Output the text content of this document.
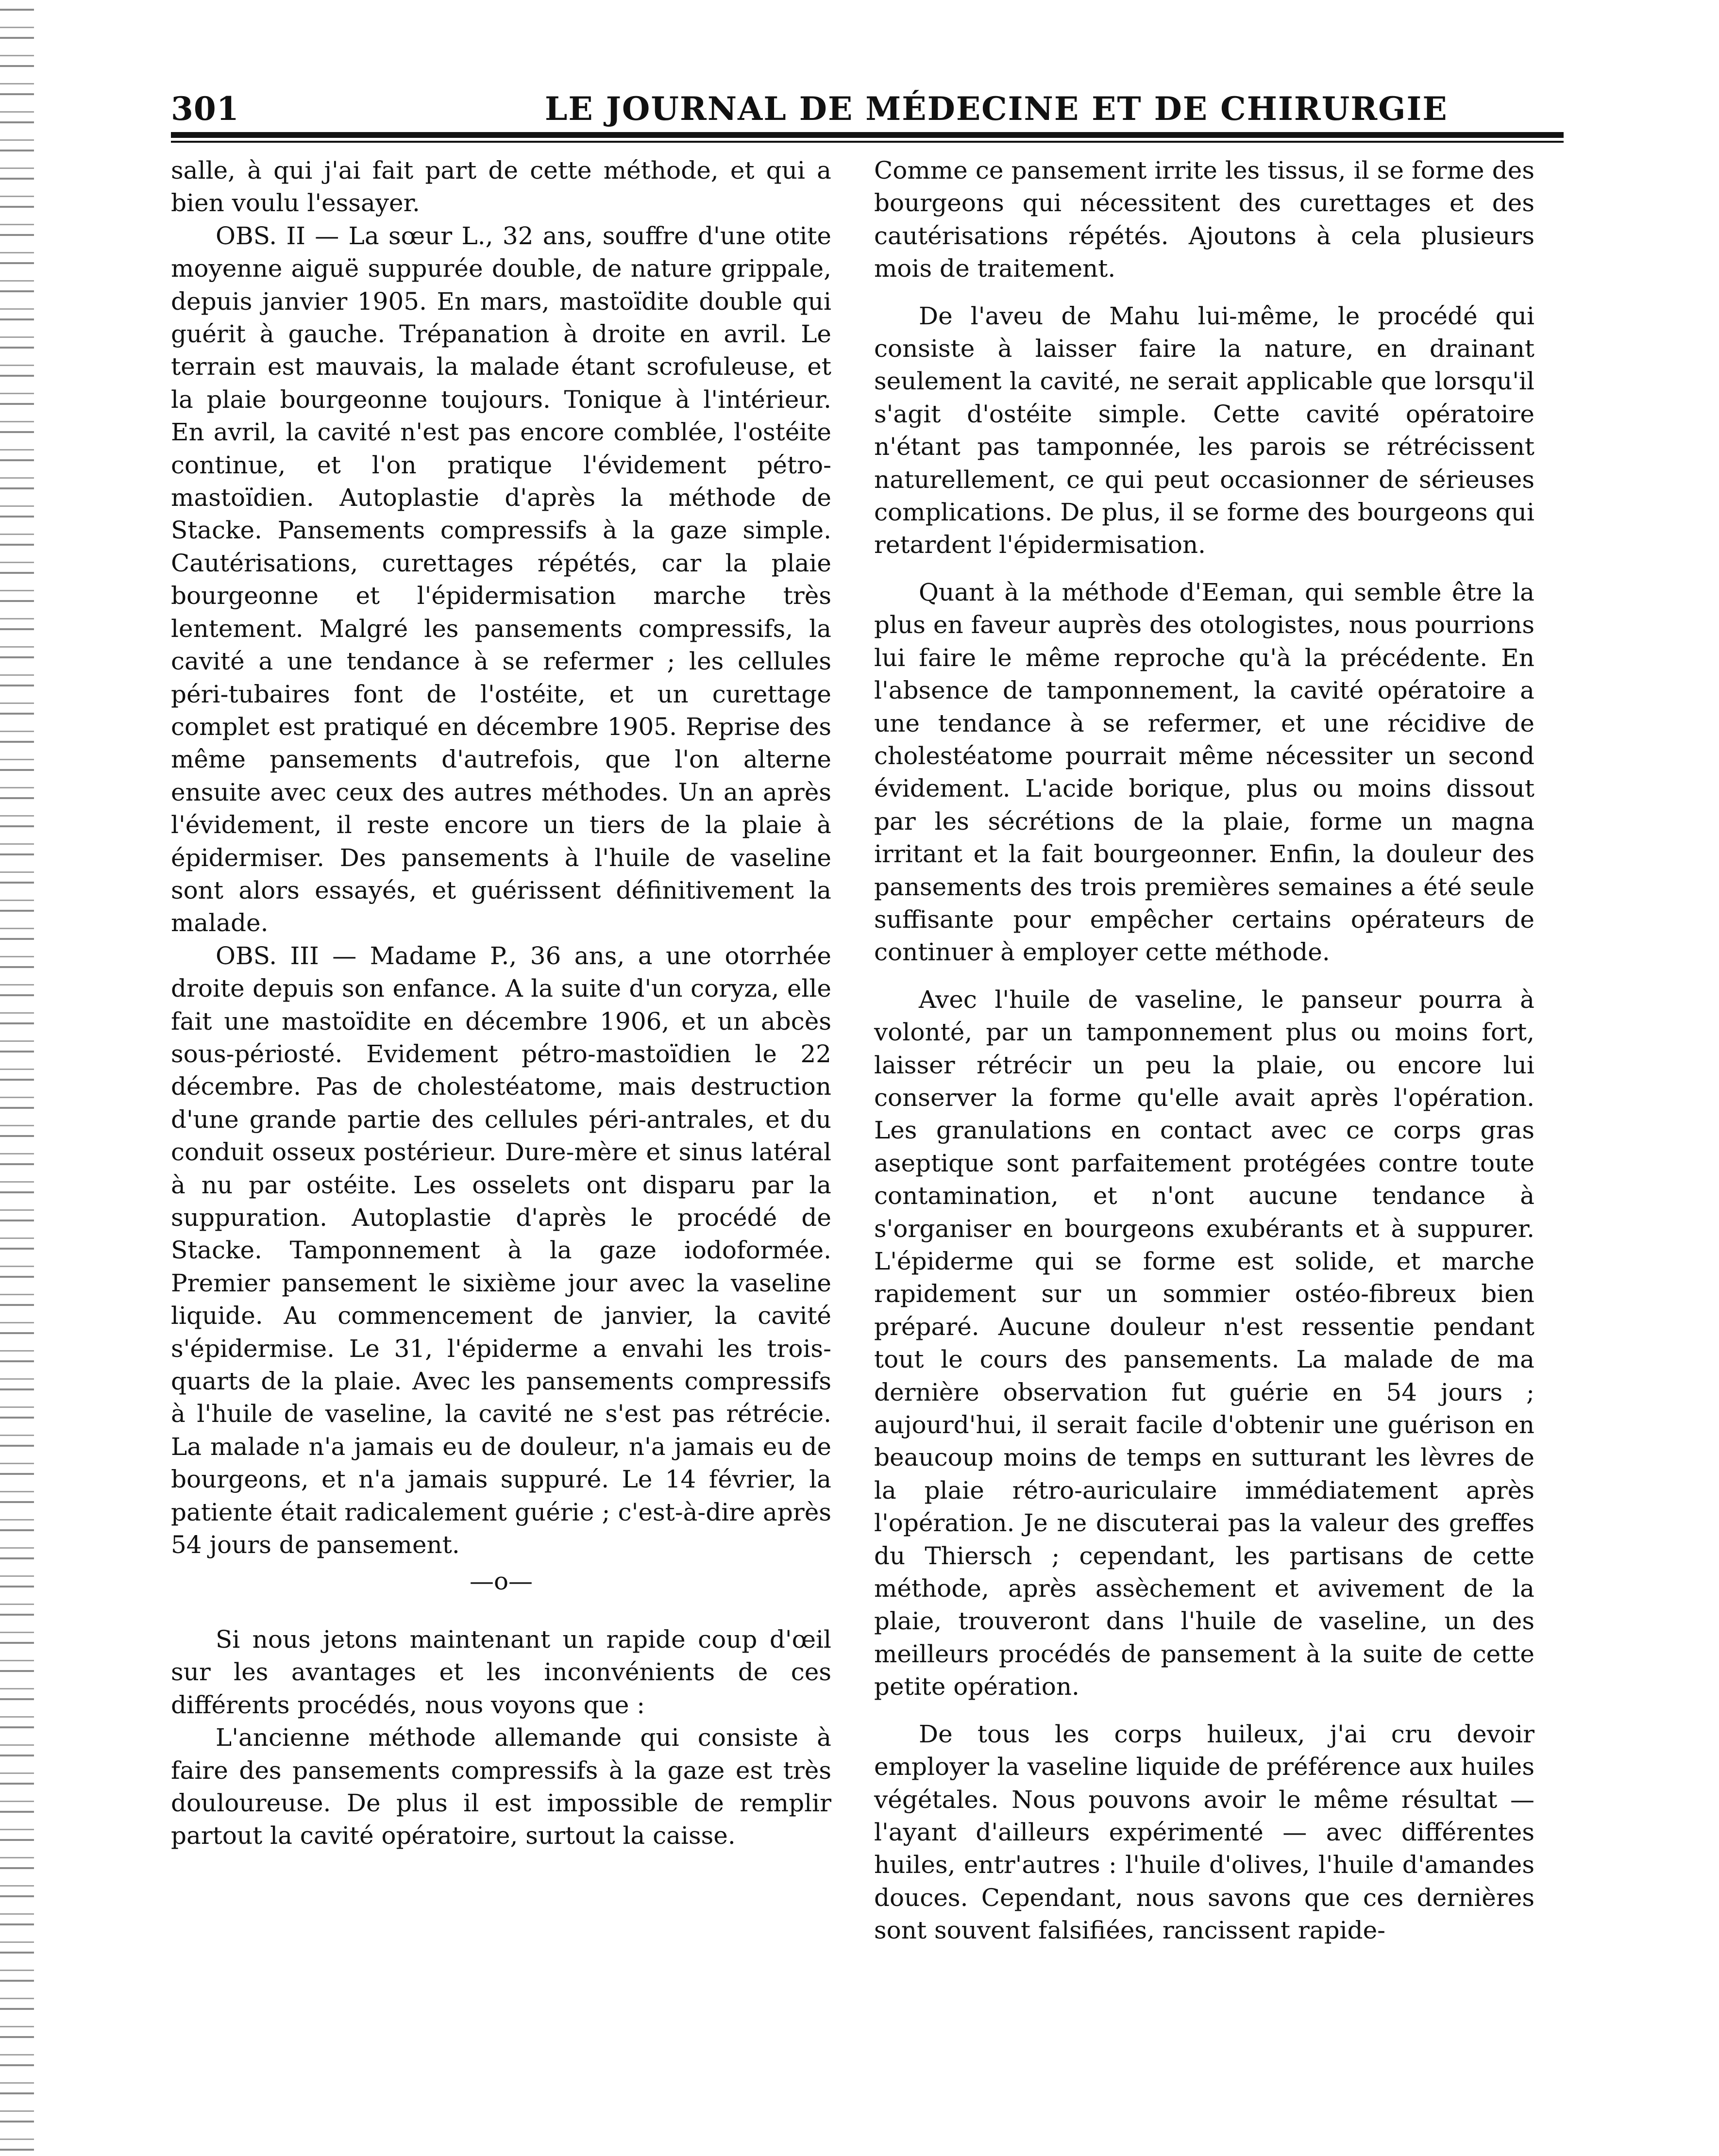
301	LE JOURNAL DE MÉDECINE ET DE CHIRURGIE

salle, à qui j'ai fait part de cette méthode, et qui a bien voulu l'essayer.

OBS. II — La sœur L., 32 ans, souffre d'une otite moyenne aiguë suppurée double, de nature grippale, depuis janvier 1905. En mars, mastoïdite double qui guérit à gauche. Trépanation à droite en avril. Le terrain est mauvais, la malade étant scrofuleuse, et la plaie bourgeonne toujours. Tonique à l'intérieur. En avril, la cavité n'est pas encore comblée, l'ostéite continue, et l'on pratique l'évidement pétro-mastoïdien. Autoplastie d'après la méthode de Stacke. Pansements compressifs à la gaze simple. Cautérisations, curettages répétés, car la plaie bourgeonne et l'épidermisation marche très lentement. Malgré les pansements compressifs, la cavité a une tendance à se refermer ; les cellules péri-tubaires font de l'ostéite, et un curettage complet est pratiqué en décembre 1905. Reprise des même pansements d'autrefois, que l'on alterne ensuite avec ceux des autres méthodes. Un an après l'évidement, il reste encore un tiers de la plaie à épidermiser. Des pansements à l'huile de vaseline sont alors essayés, et guérissent définitivement la malade.

OBS. III — Madame P., 36 ans, a une otorrhée droite depuis son enfance. A la suite d'un coryza, elle fait une mastoïdite en décembre 1906, et un abcès sous-périosté. Evidement pétro-mastoïdien le 22 décembre. Pas de cholestéatome, mais destruction d'une grande partie des cellules péri-antrales, et du conduit osseux postérieur. Dure-mère et sinus latéral à nu par ostéite. Les osselets ont disparu par la suppuration. Autoplastie d'après le procédé de Stacke. Tamponnement à la gaze iodoformée. Premier pansement le sixième jour avec la vaseline liquide. Au commencement de janvier, la cavité s'épidermise. Le 31, l'épiderme a envahi les trois-quarts de la plaie. Avec les pansements compressifs à l'huile de vaseline, la cavité ne s'est pas rétrécie. La malade n'a jamais eu de douleur, n'a jamais eu de bourgeons, et n'a jamais suppuré. Le 14 février, la patiente était radicalement guérie ; c'est-à-dire après 54 jours de pansement.

—o—

Si nous jetons maintenant un rapide coup d'œil sur les avantages et les inconvénients de ces différents procédés, nous voyons que :

L'ancienne méthode allemande qui consiste à faire des pansements compressifs à la gaze est très douloureuse. De plus il est impossible de remplir partout la cavité opératoire, surtout la caisse.

Comme ce pansement irrite les tissus, il se forme des bourgeons qui nécessitent des curettages et des cautérisations répétés. Ajoutons à cela plusieurs mois de traitement.

De l'aveu de Mahu lui-même, le procédé qui consiste à laisser faire la nature, en drainant seulement la cavité, ne serait applicable que lorsqu'il s'agit d'ostéite simple. Cette cavité opératoire n'étant pas tamponnée, les parois se rétrécissent naturellement, ce qui peut occasionner de sérieuses complications. De plus, il se forme des bourgeons qui retardent l'épidermisation.

Quant à la méthode d'Eeman, qui semble être la plus en faveur auprès des otologistes, nous pourrions lui faire le même reproche qu'à la précédente. En l'absence de tamponnement, la cavité opératoire a une tendance à se refermer, et une récidive de cholestéatome pourrait même nécessiter un second évidement. L'acide borique, plus ou moins dissout par les sécrétions de la plaie, forme un magna irritant et la fait bourgeonner. Enfin, la douleur des pansements des trois premières semaines a été seule suffisante pour empêcher certains opérateurs de continuer à employer cette méthode.

Avec l'huile de vaseline, le panseur pourra à volonté, par un tamponnement plus ou moins fort, laisser rétrécir un peu la plaie, ou encore lui conserver la forme qu'elle avait après l'opération. Les granulations en contact avec ce corps gras aseptique sont parfaitement protégées contre toute contamination, et n'ont aucune tendance à s'organiser en bourgeons exubérants et à suppurer. L'épiderme qui se forme est solide, et marche rapidement sur un sommier ostéo-fibreux bien préparé. Aucune douleur n'est ressentie pendant tout le cours des pansements. La malade de ma dernière observation fut guérie en 54 jours ; aujourd'hui, il serait facile d'obtenir une guérison en beaucoup moins de temps en sutturant les lèvres de la plaie rétro-auriculaire immédiatement après l'opération. Je ne discuterai pas la valeur des greffes du Thiersch ; cependant, les partisans de cette méthode, après assèchement et avivement de la plaie, trouveront dans l'huile de vaseline, un des meilleurs procédés de pansement à la suite de cette petite opération.

De tous les corps huileux, j'ai cru devoir employer la vaseline liquide de préférence aux huiles végétales. Nous pouvons avoir le même résultat — l'ayant d'ailleurs expérimenté — avec différentes huiles, entr'autres : l'huile d'olives, l'huile d'amandes douces. Cependant, nous savons que ces dernières sont souvent falsifiées, rancissent rapide-
